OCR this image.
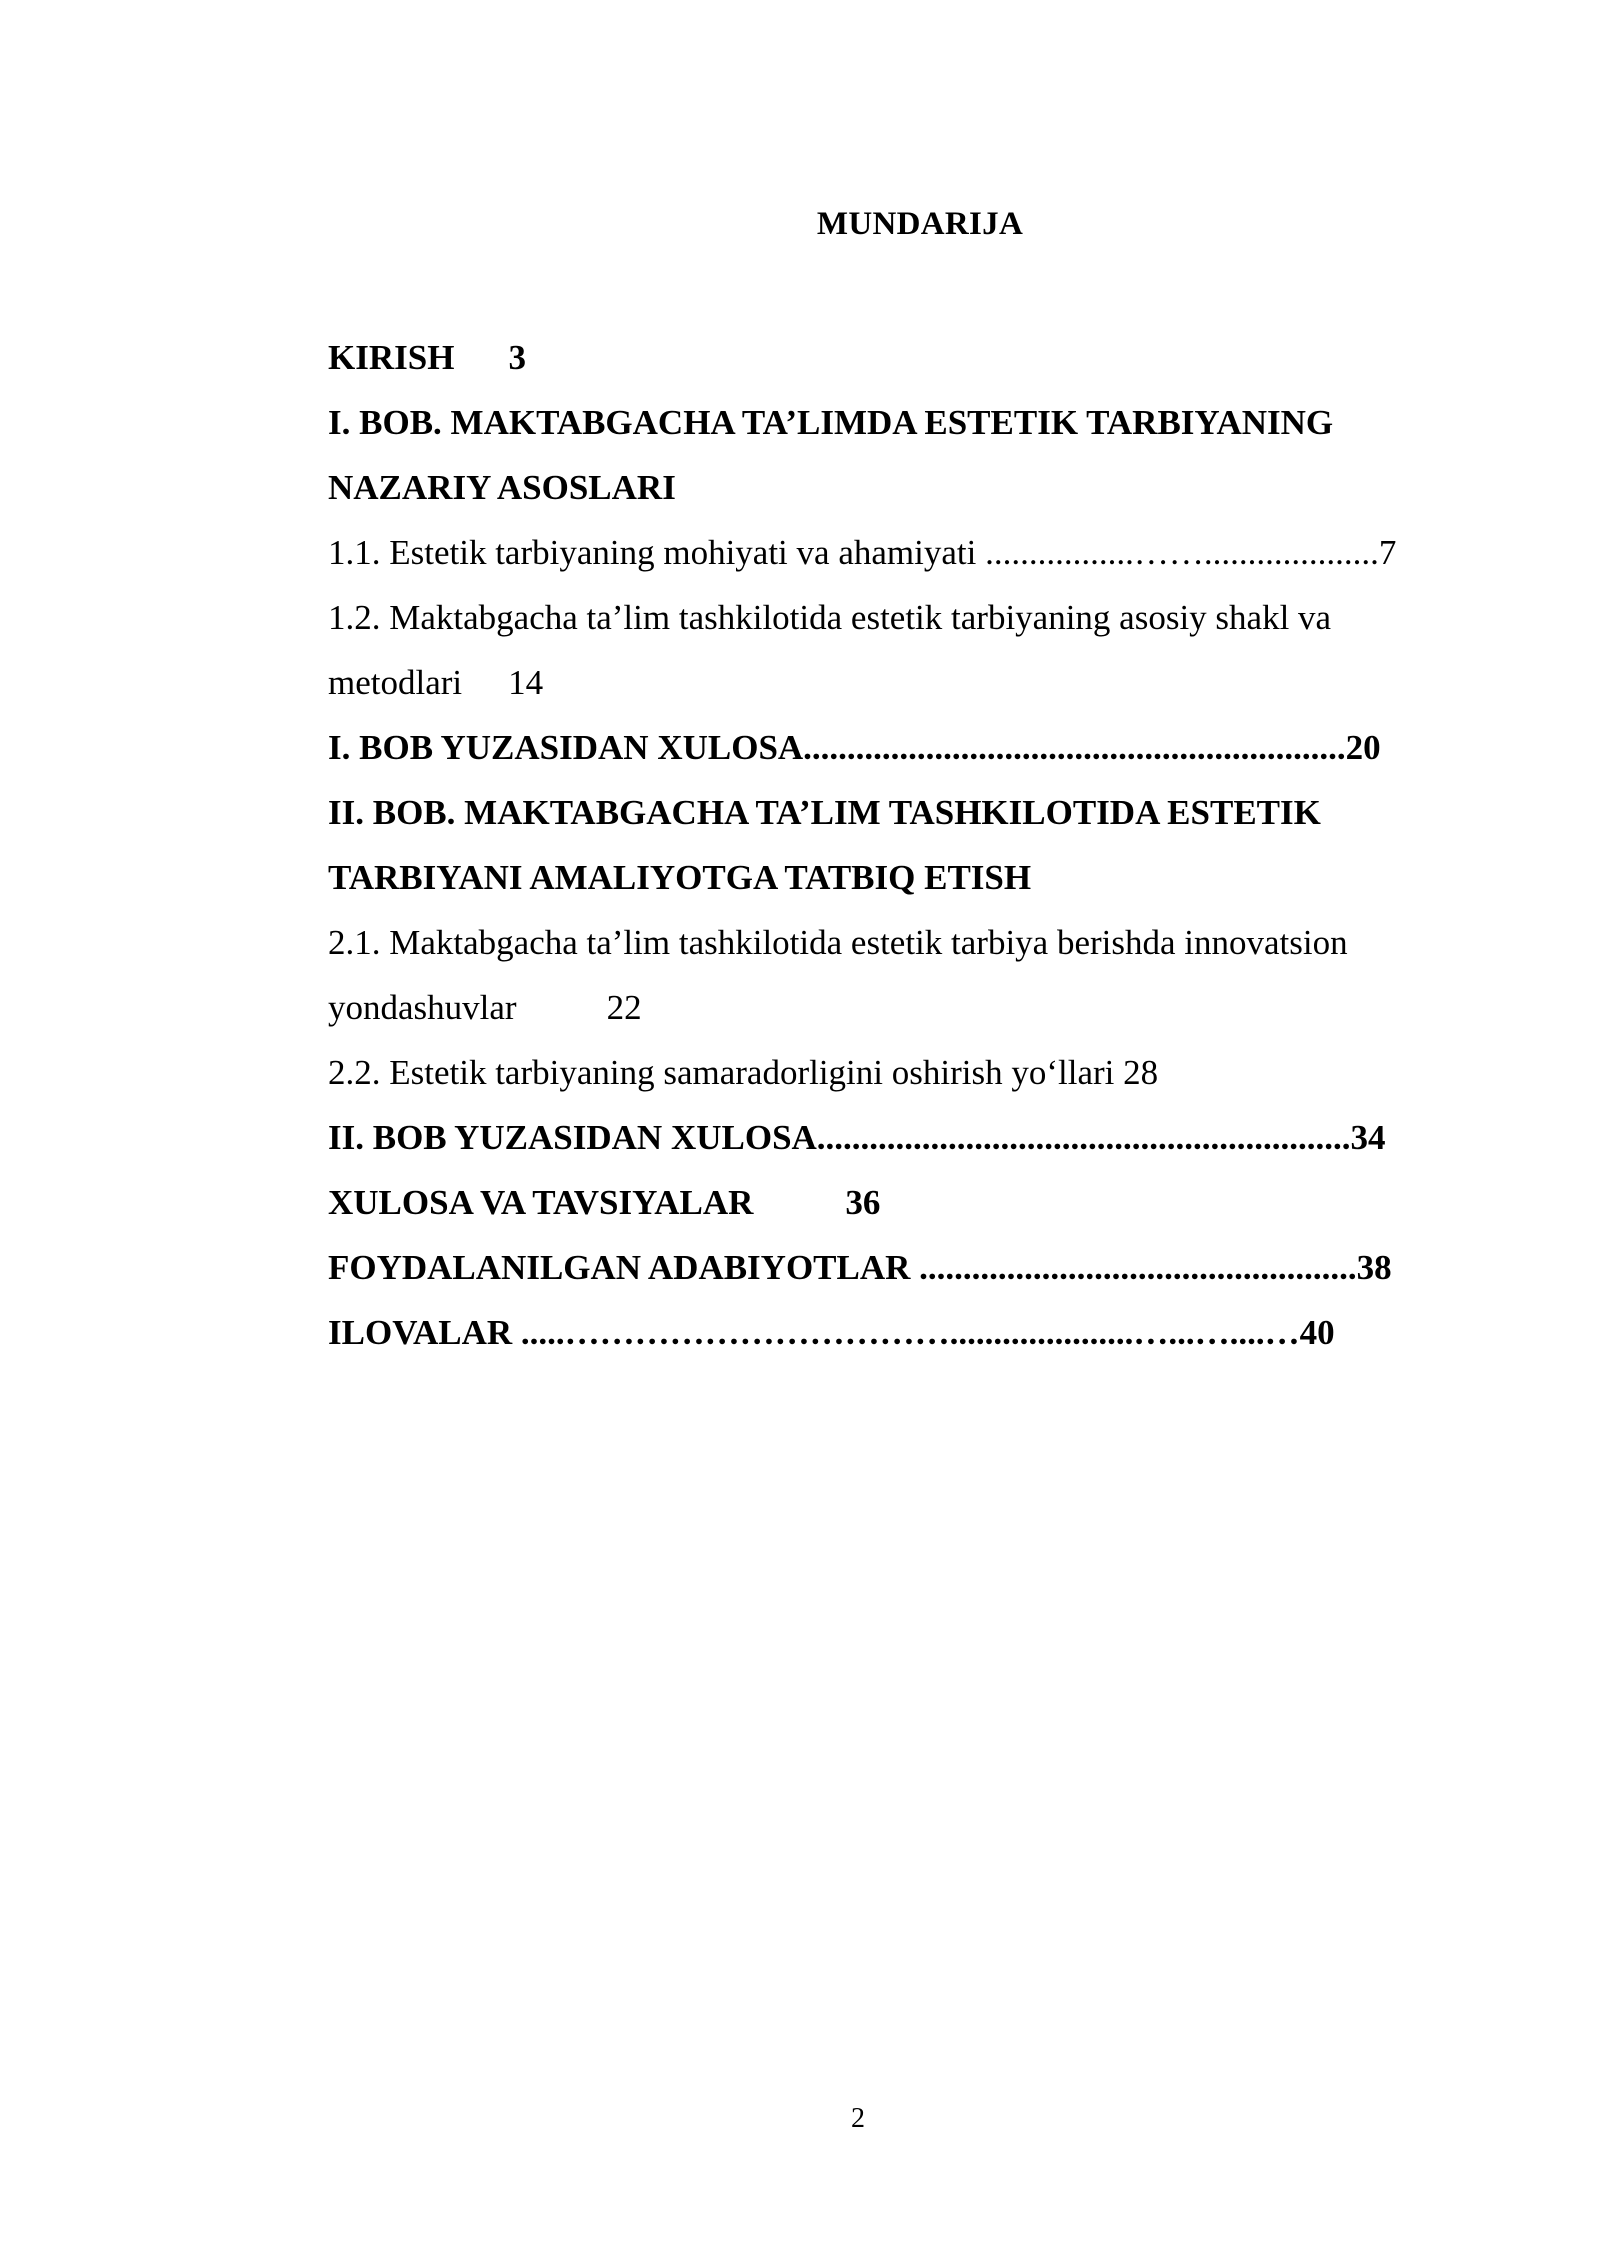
MUNDARIJA
KIRISH 3
I. BOB. MAKTABGACHA TA’LIMDA ESTETIK TARBIYANING
NAZARIY ASOSLARI
1.1. Estetik tarbiyaning mohiyati va ahamiyati .................……....................7
1.2. Maktabgacha ta’lim tashkilotida estetik tarbiyaning asosiy shakl va
metodlari 14
I. BOB YUZASIDAN XULOSA..............................................................20
II. BOB. MAKTABGACHA TA’LIM TASHKILOTIDA ESTETIK
TARBIYANI AMALIYOTGA TATBIQ ETISH
2.1. Maktabgacha ta’lim tashkilotida estetik tarbiya berishda innovatsion
yondashuvlar	22
2.2. Estetik tarbiyaning samaradorligini oshirish yo‘llari 28
II. BOB YUZASIDAN XULOSA.............................................................34
XULOSA VA TAVSIYALAR	36
FOYDALANILGAN ADABIYOTLAR ..................................................38
ILOVALAR .....…………………………….....................…...…....…40
2
